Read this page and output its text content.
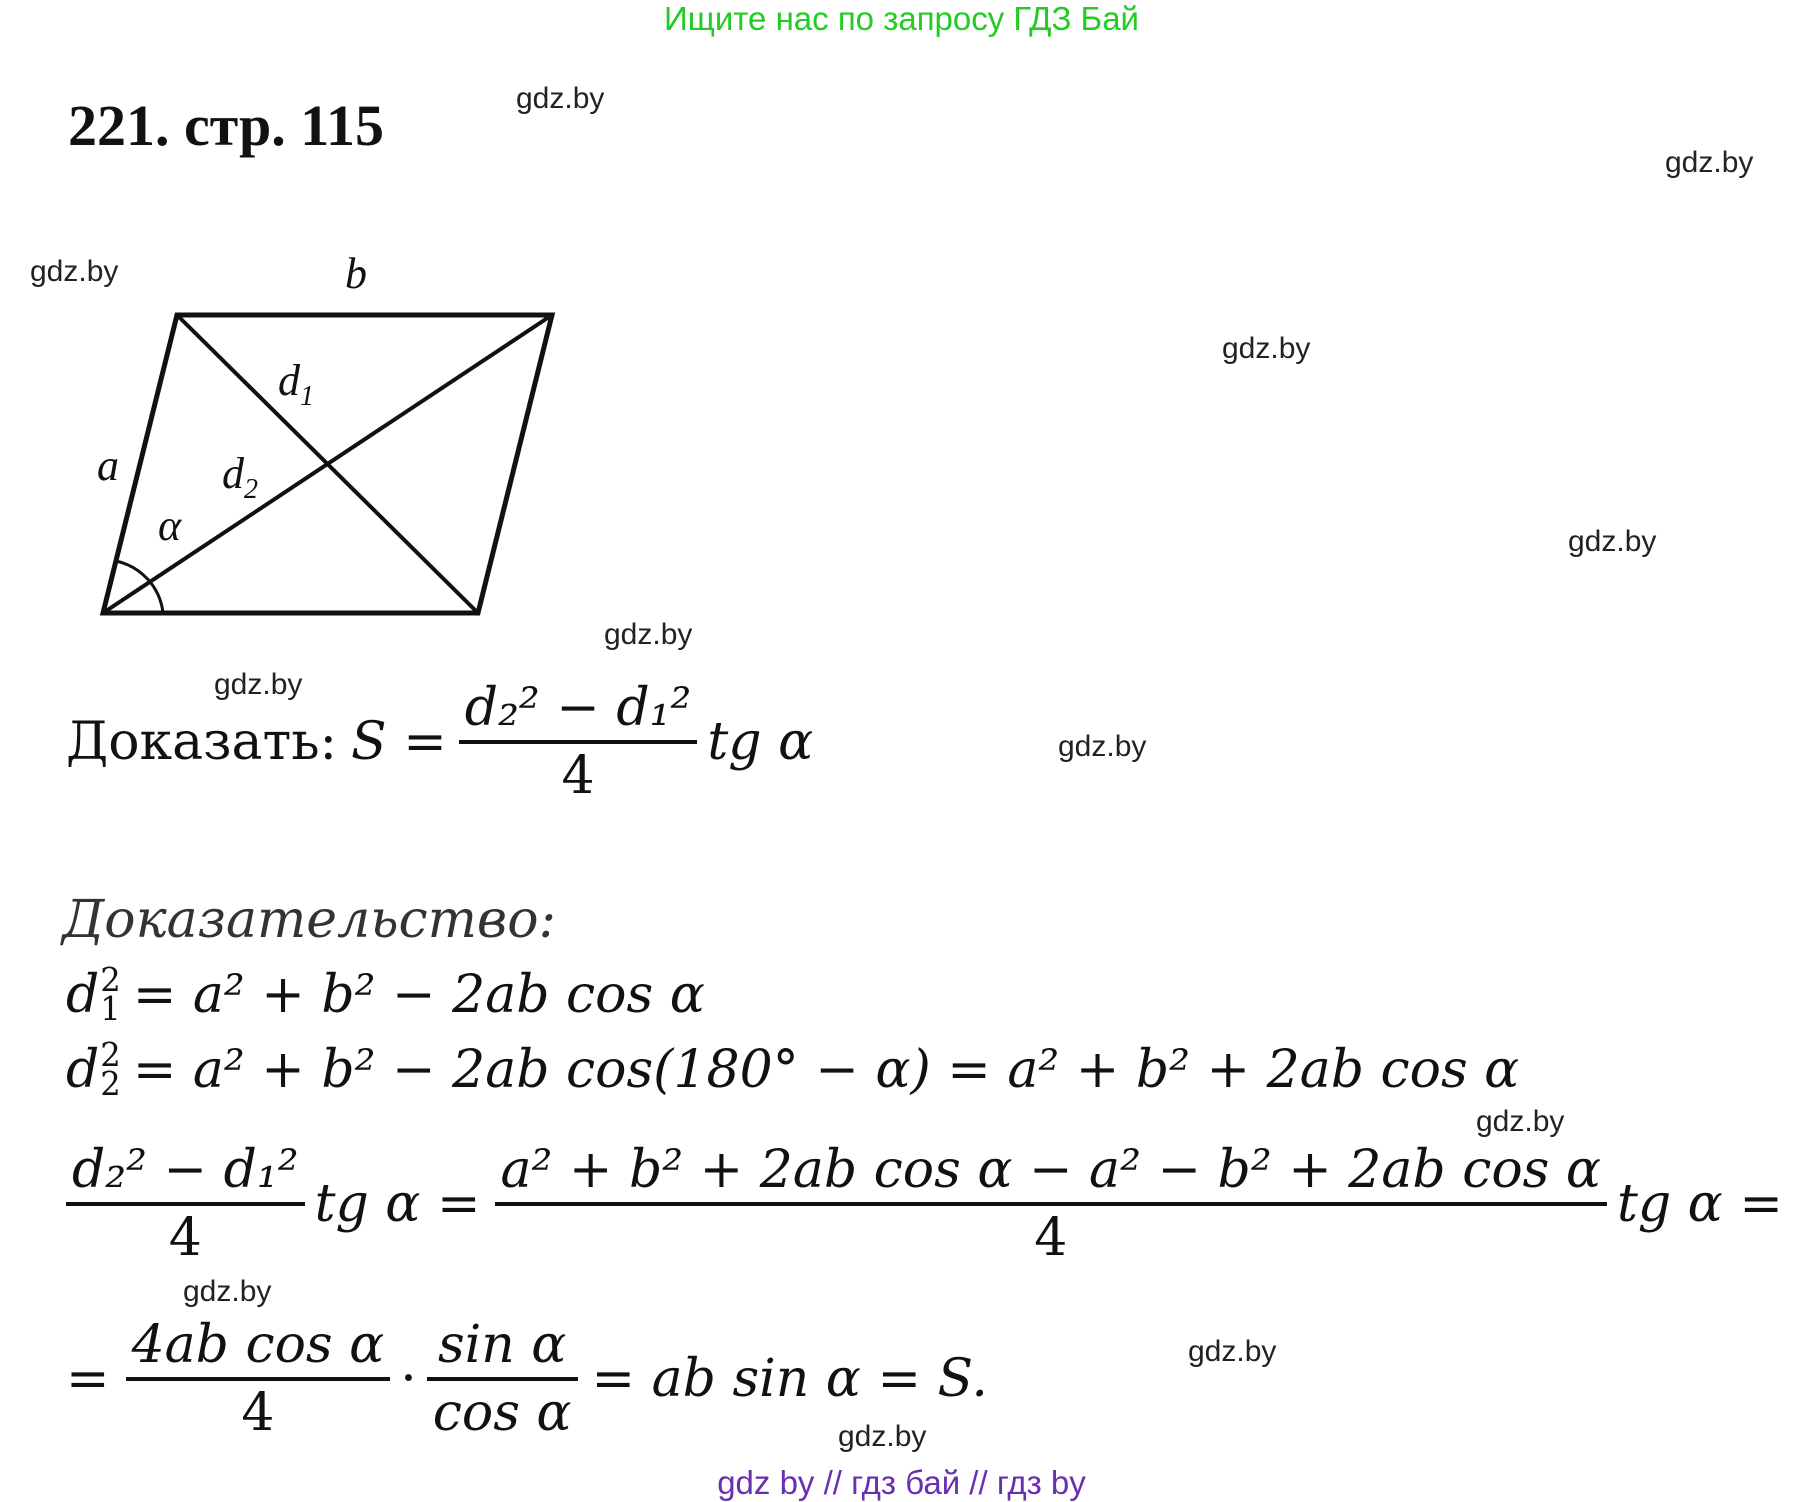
Ищите нас по запросу ГДЗ Бай
221. стр. 115	gdz.by
gdz.by
gdz.by
gdz.by
gdz.by
gdz.by
gdz.by
gdz.by
gdz.by
gdz.by
gdz.by
gdz.by
b
a
$d_1$
$d_2$
α
Доказать: $S = \frac{\text{d₂² − d₁²}}{4}$ tg α
Доказательство:
d 2
1 = a² + b² − 2ab cos α
d 2
2 = a² + b² − 2ab cos(180° − α) = a² + b² + 2ab cos α
$\frac{\text{d₂² − d₁²}}{4}$ tg $\alpha = \frac{\text{a² + b² + 2ab cos α − a² − b² + 2ab cos α}}{4}$ tg α =
= $\frac{\text{4ab cos α}}{4} \cdot \frac{\text{sin α}}{\text{cos α}}$ = ab sin α = S.
gdz by // гдз бай // гдз by
